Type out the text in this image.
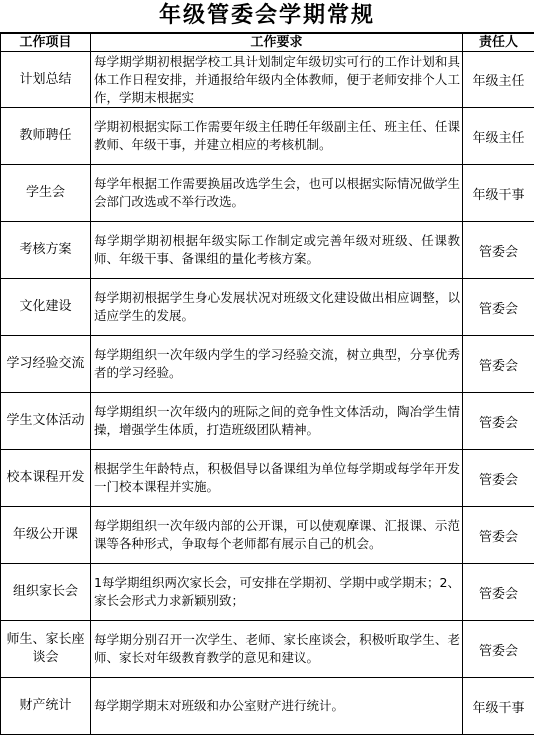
年级管委会学期常规
工作项目	工作要求	责任人
计划总结	每学期学期初根据学校工具计划制定年级切实可行的工作计划和具体工作日程安排，并通报给年级内全体教师，便于老师安排个人工作，学期末根据实	年级主任
教师聘任	学期初根据实际工作需要年级主任聘任年级副主任、班主任、任课教师、年级干事，并建立相应的考核机制。	年级主任
学生会	每学年根据工作需要换届改选学生会，也可以根据实际情况做学生会部门改选或不举行改选。	年级干事
考核方案	每学期学期初根据年级实际工作制定或完善年级对班级、任课教师、年级干事、备课组的量化考核方案。	管委会
文化建设	每学期初根据学生身心发展状况对班级文化建设做出相应调整，以适应学生的发展。	管委会
学习经验交流	每学期组织一次年级内学生的学习经验交流，树立典型，分享优秀者的学习经验。	管委会
学生文体活动	每学期组织一次年级内的班际之间的竞争性文体活动，陶冶学生情操，增强学生体质，打造班级团队精神。	管委会
校本课程开发	根据学生年龄特点，积极倡导以备课组为单位每学期或每学年开发一门校本课程并实施。	管委会
年级公开课	每学期组织一次年级内部的公开课，可以使观摩课、汇报课、示范课等各种形式，争取每个老师都有展示自己的机会。	管委会
组织家长会	1每学期组织两次家长会，可安排在学期初、学期中或学期末；2、家长会形式力求新颖别致；	管委会
师生、家长座谈会	每学期分别召开一次学生、老师、家长座谈会，积极听取学生、老师、家长对年级教育教学的意见和建议。	管委会
财产统计	每学期学期末对班级和办公室财产进行统计。	年级干事
